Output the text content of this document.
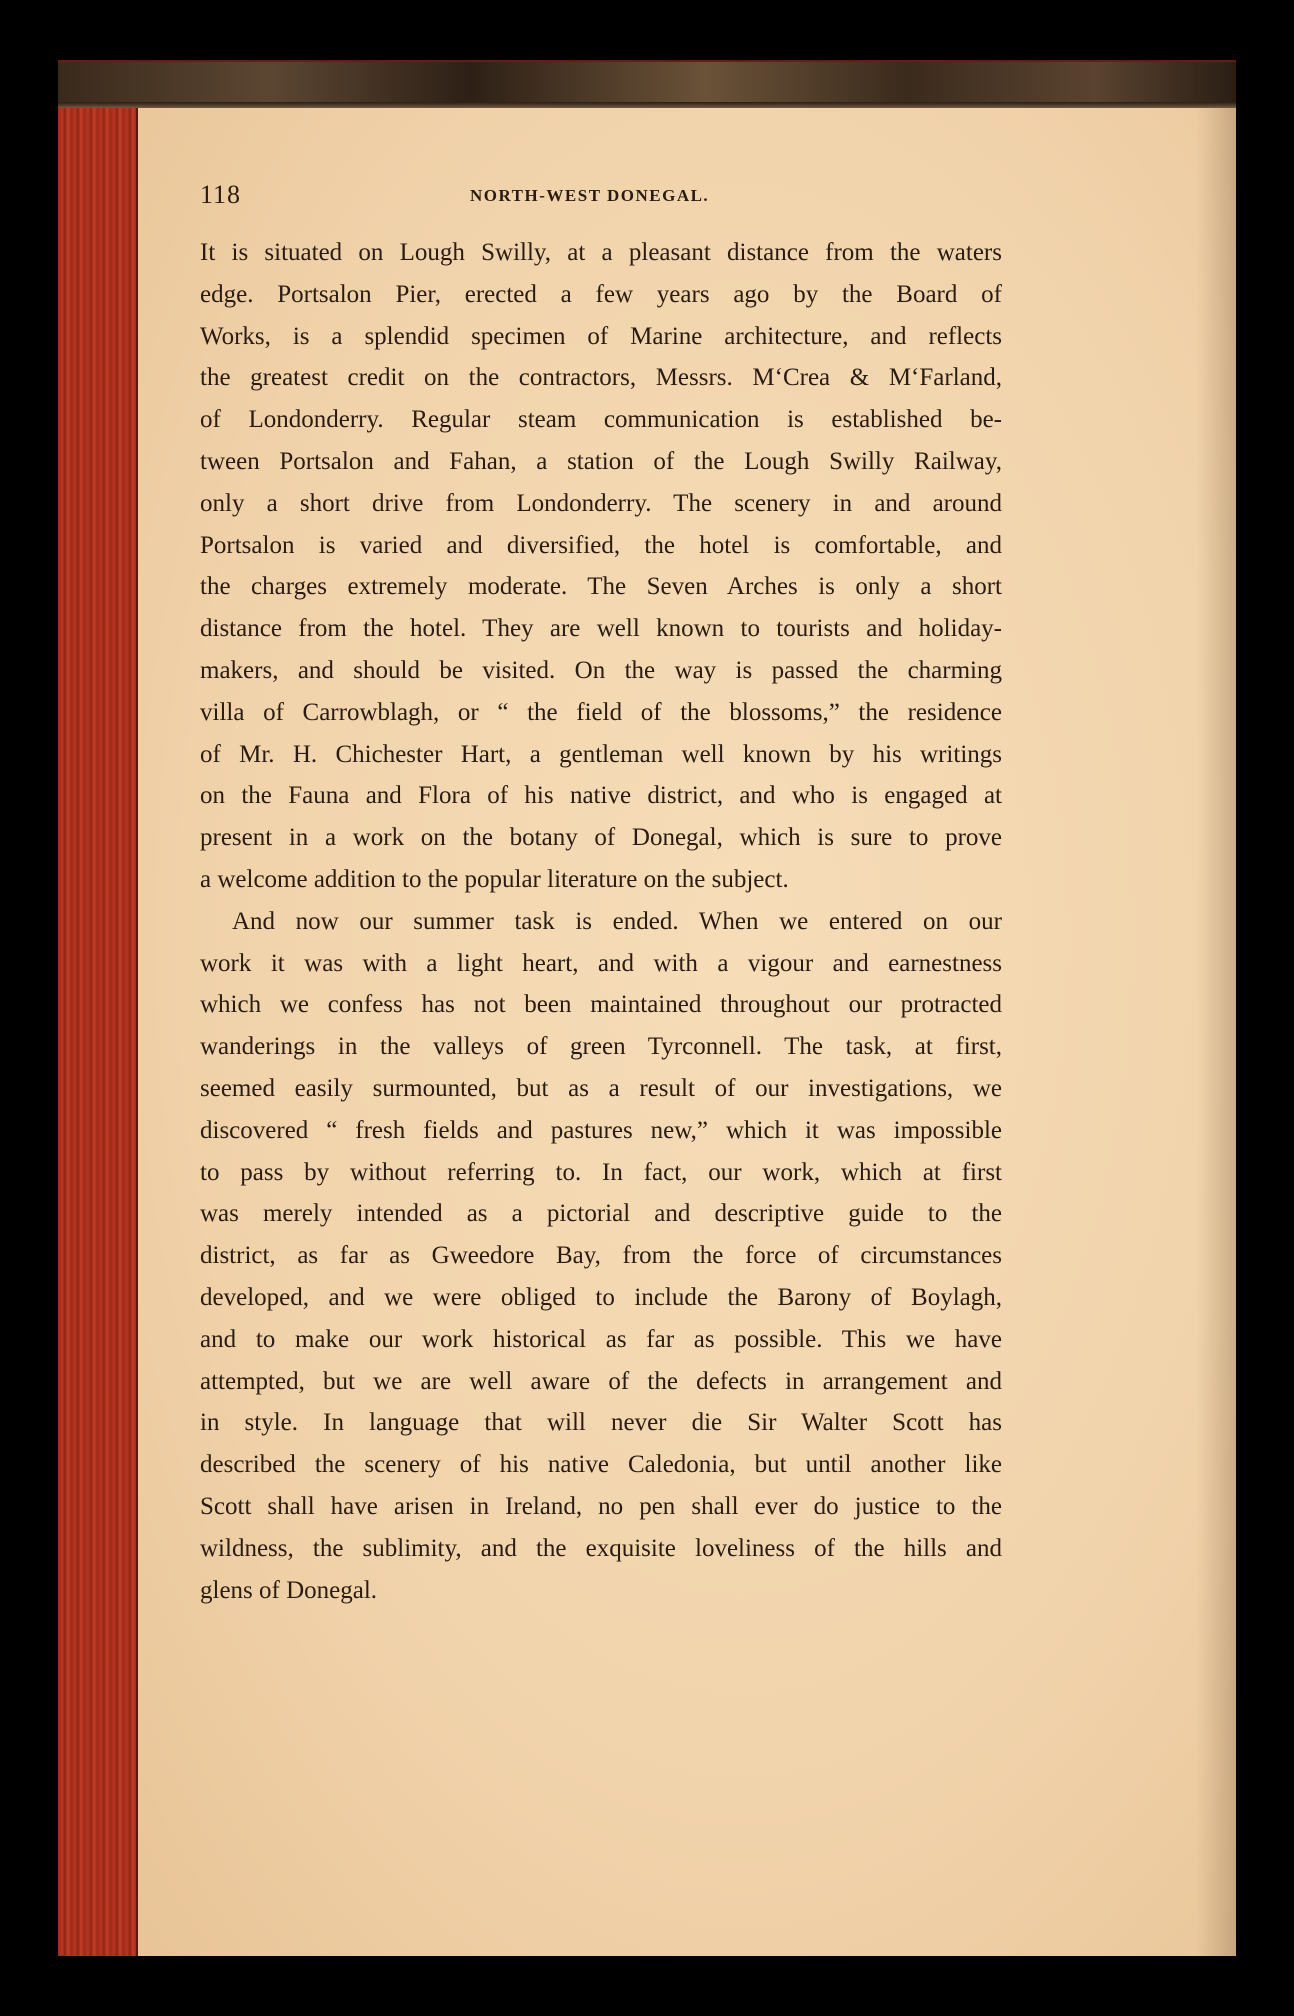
118	NORTH-WEST DONEGAL.
It is situated on Lough Swilly, at a pleasant distance from the waters
edge. Portsalon Pier, erected a few years ago by the Board of
Works, is a splendid specimen of Marine architecture, and reflects
the greatest credit on the contractors, Messrs. M‘Crea & M‘Farland,
of Londonderry. Regular steam communication is established be-
tween Portsalon and Fahan, a station of the Lough Swilly Railway,
only a short drive from Londonderry. The scenery in and around
Portsalon is varied and diversified, the hotel is comfortable, and
the charges extremely moderate. The Seven Arches is only a short
distance from the hotel. They are well known to tourists and holiday-
makers, and should be visited. On the way is passed the charming
villa of Carrowblagh, or “ the field of the blossoms,” the residence
of Mr. H. Chichester Hart, a gentleman well known by his writings
on the Fauna and Flora of his native district, and who is engaged at
present in a work on the botany of Donegal, which is sure to prove
a welcome addition to the popular literature on the subject.
And now our summer task is ended. When we entered on our
work it was with a light heart, and with a vigour and earnestness
which we confess has not been maintained throughout our protracted
wanderings in the valleys of green Tyrconnell. The task, at first,
seemed easily surmounted, but as a result of our investigations, we
discovered “ fresh fields and pastures new,” which it was impossible
to pass by without referring to. In fact, our work, which at first
was merely intended as a pictorial and descriptive guide to the
district, as far as Gweedore Bay, from the force of circumstances
developed, and we were obliged to include the Barony of Boylagh,
and to make our work historical as far as possible. This we have
attempted, but we are well aware of the defects in arrangement and
in style. In language that will never die Sir Walter Scott has
described the scenery of his native Caledonia, but until another like
Scott shall have arisen in Ireland, no pen shall ever do justice to the
wildness, the sublimity, and the exquisite loveliness of the hills and
glens of Donegal.
